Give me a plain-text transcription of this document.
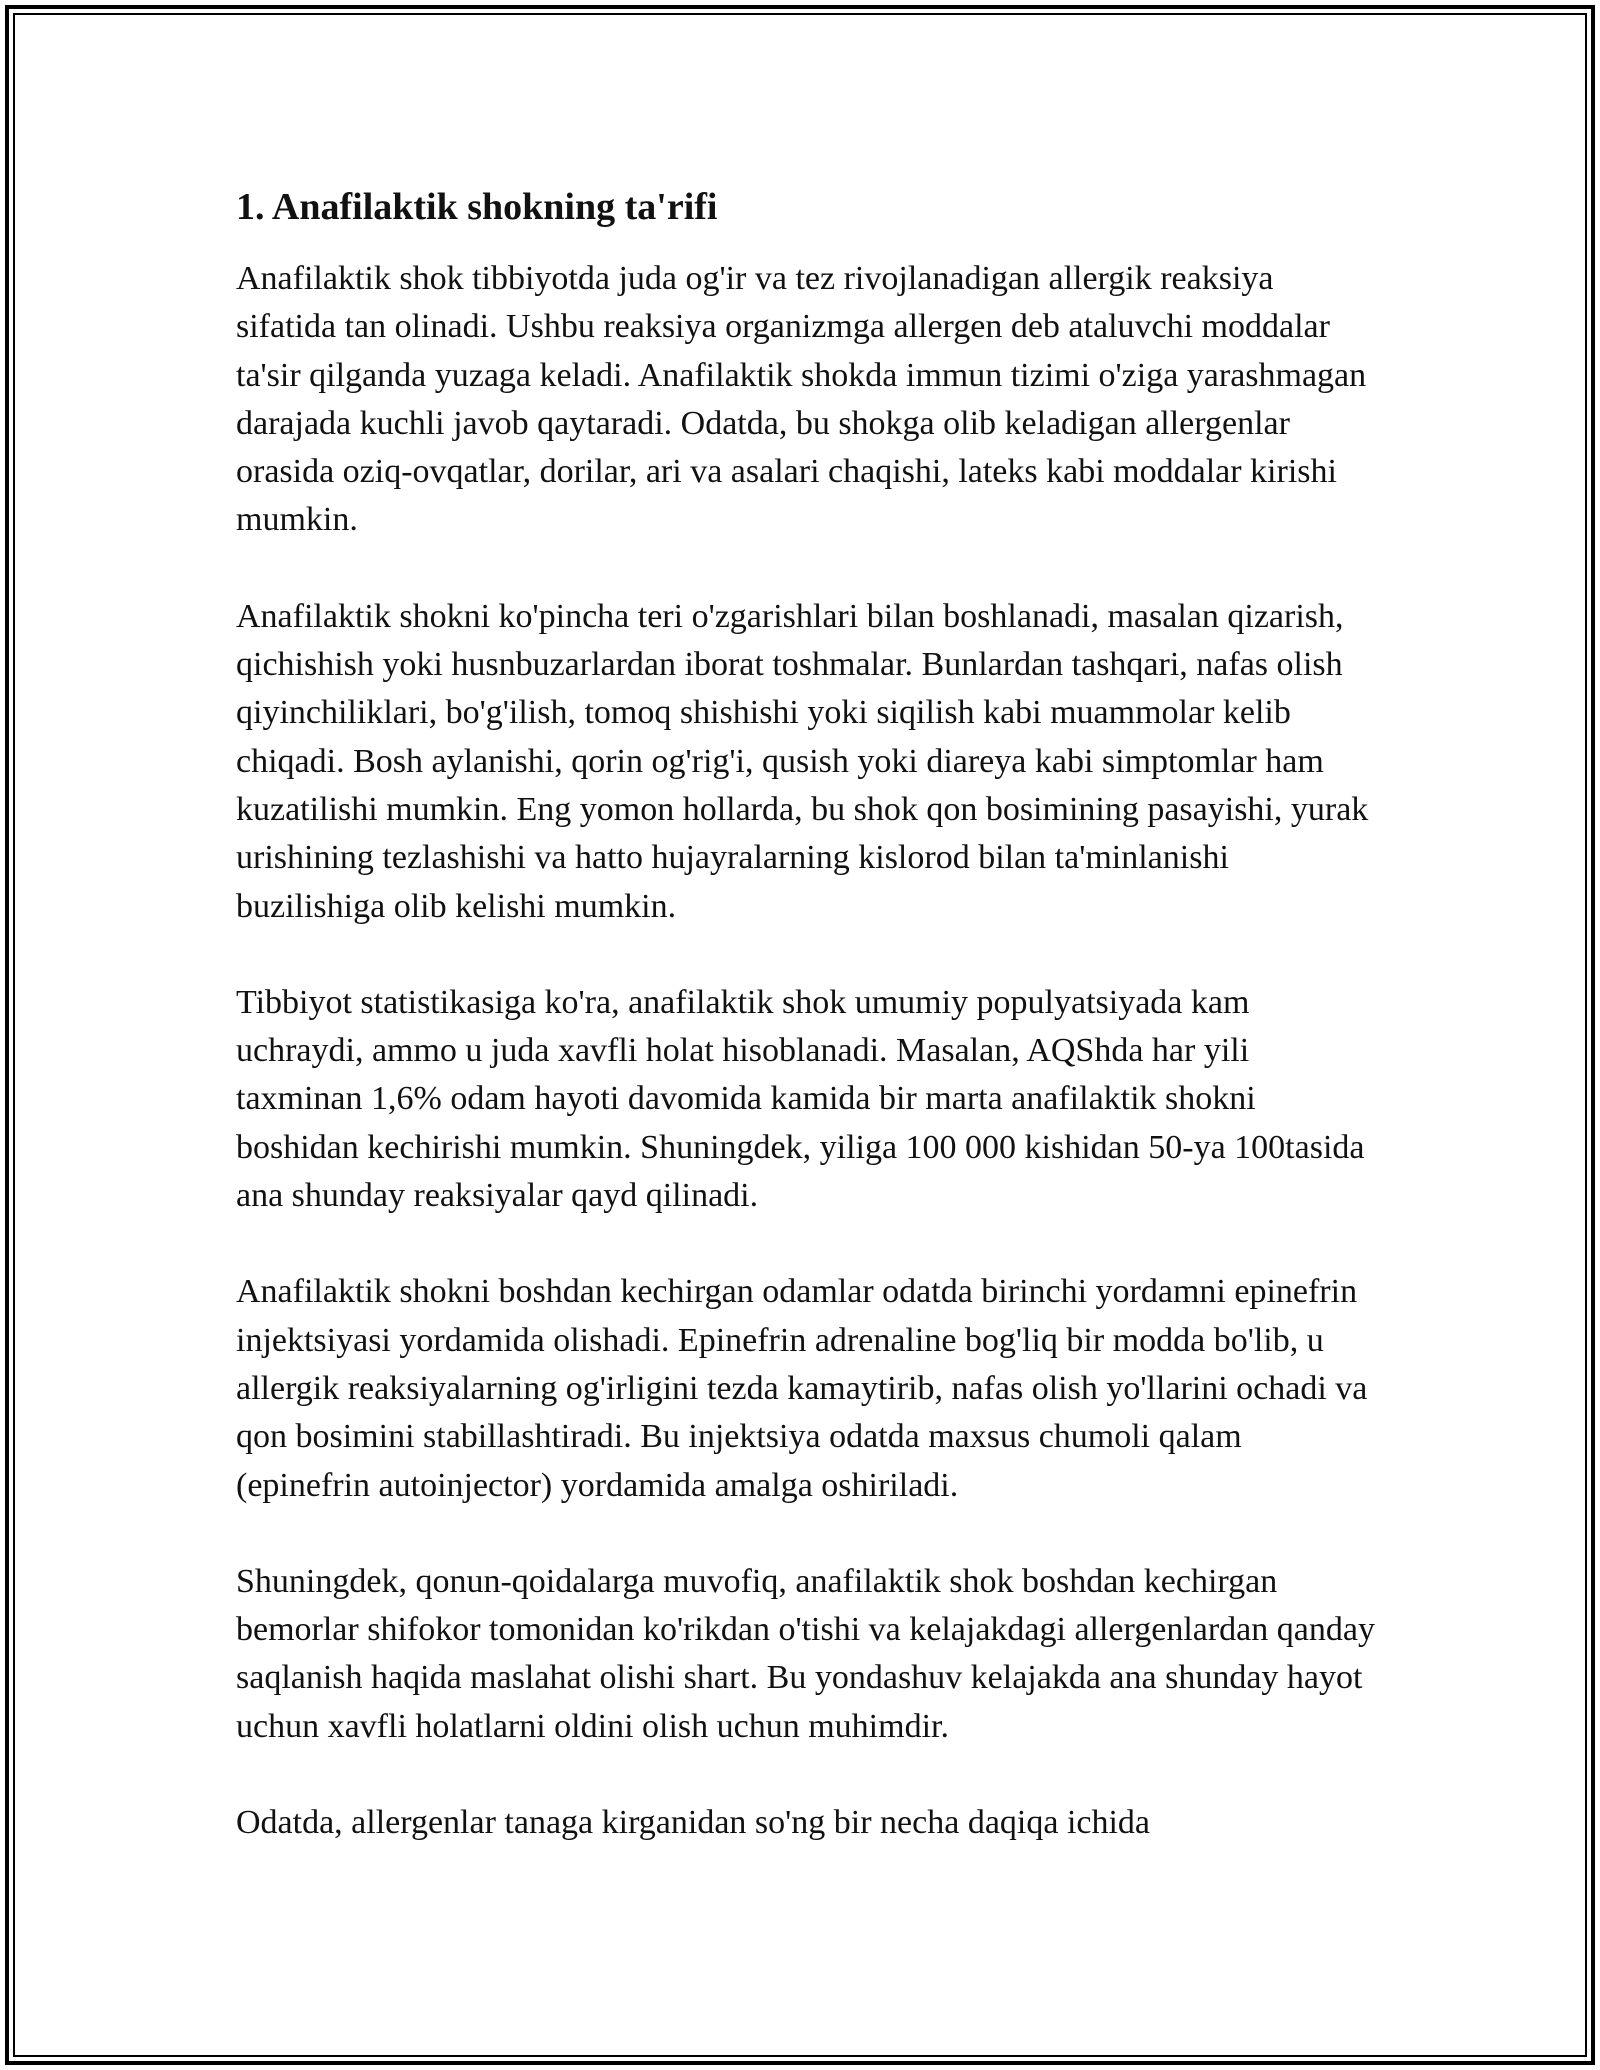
1. Anafilaktik shokning ta'rifi

Anafilaktik shok tibbiyotda juda og'ir va tez rivojlanadigan allergik reaksiya sifatida tan olinadi. Ushbu reaksiya organizmga allergen deb ataluvchi moddalar ta'sir qilganda yuzaga keladi. Anafilaktik shokda immun tizimi o'ziga yarashmagan darajada kuchli javob qaytaradi. Odatda, bu shokga olib keladigan allergenlar orasida oziq-ovqatlar, dorilar, ari va asalari chaqishi, lateks kabi moddalar kirishi mumkin.

Anafilaktik shokni ko'pincha teri o'zgarishlari bilan boshlanadi, masalan qizarish, qichishish yoki husnbuzarlardan iborat toshmalar. Bunlardan tashqari, nafas olish qiyinchiliklari, bo'g'ilish, tomoq shishishi yoki siqilish kabi muammolar kelib chiqadi. Bosh aylanishi, qorin og'rig'i, qusish yoki diareya kabi simptomlar ham kuzatilishi mumkin. Eng yomon hollarda, bu shok qon bosimining pasayishi, yurak urishining tezlashishi va hatto hujayralarning kislorod bilan ta'minlanishi buzilishiga olib kelishi mumkin.

Tibbiyot statistikasiga ko'ra, anafilaktik shok umumiy populyatsiyada kam uchraydi, ammo u juda xavfli holat hisoblanadi. Masalan, AQShda har yili taxminan 1,6% odam hayoti davomida kamida bir marta anafilaktik shokni boshidan kechirishi mumkin. Shuningdek, yiliga 100 000 kishidan 50-ya 100tasida ana shunday reaksiyalar qayd qilinadi.

Anafilaktik shokni boshdan kechirgan odamlar odatda birinchi yordamni epinefrin injektsiyasi yordamida olishadi. Epinefrin adrenaline bog'liq bir modda bo'lib, u allergik reaksiyalarning og'irligini tezda kamaytirib, nafas olish yo'llarini ochadi va qon bosimini stabillashtiradi. Bu injektsiya odatda maxsus chumoli qalam (epinefrin autoinjector) yordamida amalga oshiriladi.

Shuningdek, qonun-qoidalarga muvofiq, anafilaktik shok boshdan kechirgan bemorlar shifokor tomonidan ko'rikdan o'tishi va kelajakdagi allergenlardan qanday saqlanish haqida maslahat olishi shart. Bu yondashuv kelajakda ana shunday hayot uchun xavfli holatlarni oldini olish uchun muhimdir.

Odatda, allergenlar tanaga kirganidan so'ng bir necha daqiqa ichida
